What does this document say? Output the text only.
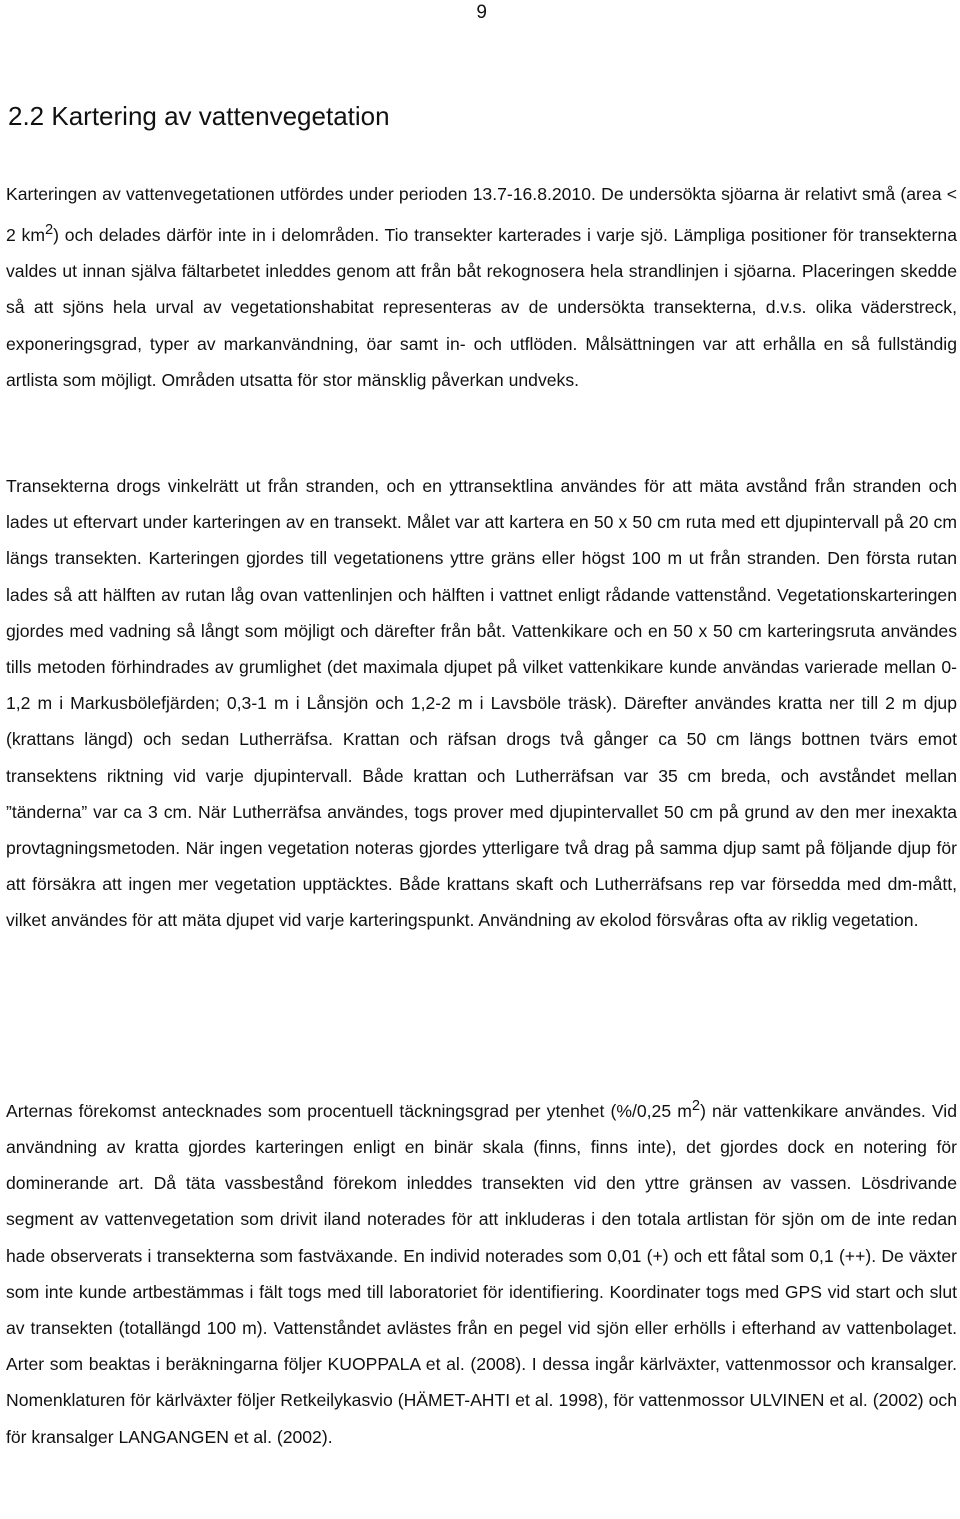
9
2.2 Kartering av vattenvegetation

Karteringen av vattenvegetationen utfördes under perioden 13.7-16.8.2010. De undersökta sjöarna är relativt små (area < 2 $km^2$) och delades därför inte in i delområden. Tio transekter karterades i varje sjö. Lämpliga positioner för transekterna valdes ut innan själva fältarbetet inleddes genom att från båt rekognosera hela strandlinjen i sjöarna. Placeringen skedde så att sjöns hela urval av vegetationshabitat representeras av de undersökta transekterna, d.v.s. olika väderstreck, exponeringsgrad, typer av markanvändning, öar samt in- och utflöden. Målsättningen var att erhålla en så fullständig artlista som möjligt. Områden utsatta för stor mänsklig påverkan undveks.

Transekterna drogs vinkelrätt ut från stranden, och en yttransektlina användes för att mäta avstånd från stranden och lades ut eftervart under karteringen av en transekt. Målet var att kartera en 50 x 50 cm ruta med ett djupintervall på 20 cm längs transekten. Karteringen gjordes till vegetationens yttre gräns eller högst 100 m ut från stranden. Den första rutan lades så att hälften av rutan låg ovan vattenlinjen och hälften i vattnet enligt rådande vattenstånd. Vegetationskarteringen gjordes med vadning så långt som möjligt och därefter från båt. Vattenkikare och en 50 x 50 cm karteringsruta användes tills metoden förhindrades av grumlighet (det maximala djupet på vilket vattenkikare kunde användas varierade mellan 0-1,2 m i Markusbölefjärden; 0,3-1 m i Lånsjön och 1,2-2 m i Lavsböle träsk). Därefter användes kratta ner till 2 m djup (krattans längd) och sedan Lutherräfsa. Krattan och räfsan drogs två gånger ca 50 cm längs bottnen tvärs emot transektens riktning vid varje djupintervall. Både krattan och Lutherräfsan var 35 cm breda, och avståndet mellan ”tänderna” var ca 3 cm. När Lutherräfsa användes, togs prover med djupintervallet 50 cm på grund av den mer inexakta provtagningsmetoden. När ingen vegetation noteras gjordes ytterligare två drag på samma djup samt på följande djup för att försäkra att ingen mer vegetation upptäcktes. Både krattans skaft och Lutherräfsans rep var försedda med dm-mått, vilket användes för att mäta djupet vid varje karteringspunkt. Användning av ekolod försvåras ofta av riklig vegetation.

Arternas förekomst antecknades som procentuell täckningsgrad per ytenhet (%/0,25 $m^2$) när vattenkikare användes. Vid användning av kratta gjordes karteringen enligt en binär skala (finns, finns inte), det gjordes dock en notering för dominerande art. Då täta vassbestånd förekom inleddes transekten vid den yttre gränsen av vassen. Lösdrivande segment av vattenvegetation som drivit iland noterades för att inkluderas i den totala artlistan för sjön om de inte redan hade observerats i transekterna som fastväxande. En individ noterades som 0,01 (+) och ett fåtal som 0,1 (++). De växter som inte kunde artbestämmas i fält togs med till laboratoriet för identifiering. Koordinater togs med GPS vid start och slut av transekten (totallängd 100 m). Vattenståndet avlästes från en pegel vid sjön eller erhölls i efterhand av vattenbolaget. Arter som beaktas i beräkningarna följer KUOPPALA et al. (2008). I dessa ingår kärlväxter, vattenmossor och kransalger. Nomenklaturen för kärlväxter följer Retkeilykasvio (HÄMET-AHTI et al. 1998), för vattenmossor ULVINEN et al. (2002) och för kransalger LANGANGEN et al. (2002).
